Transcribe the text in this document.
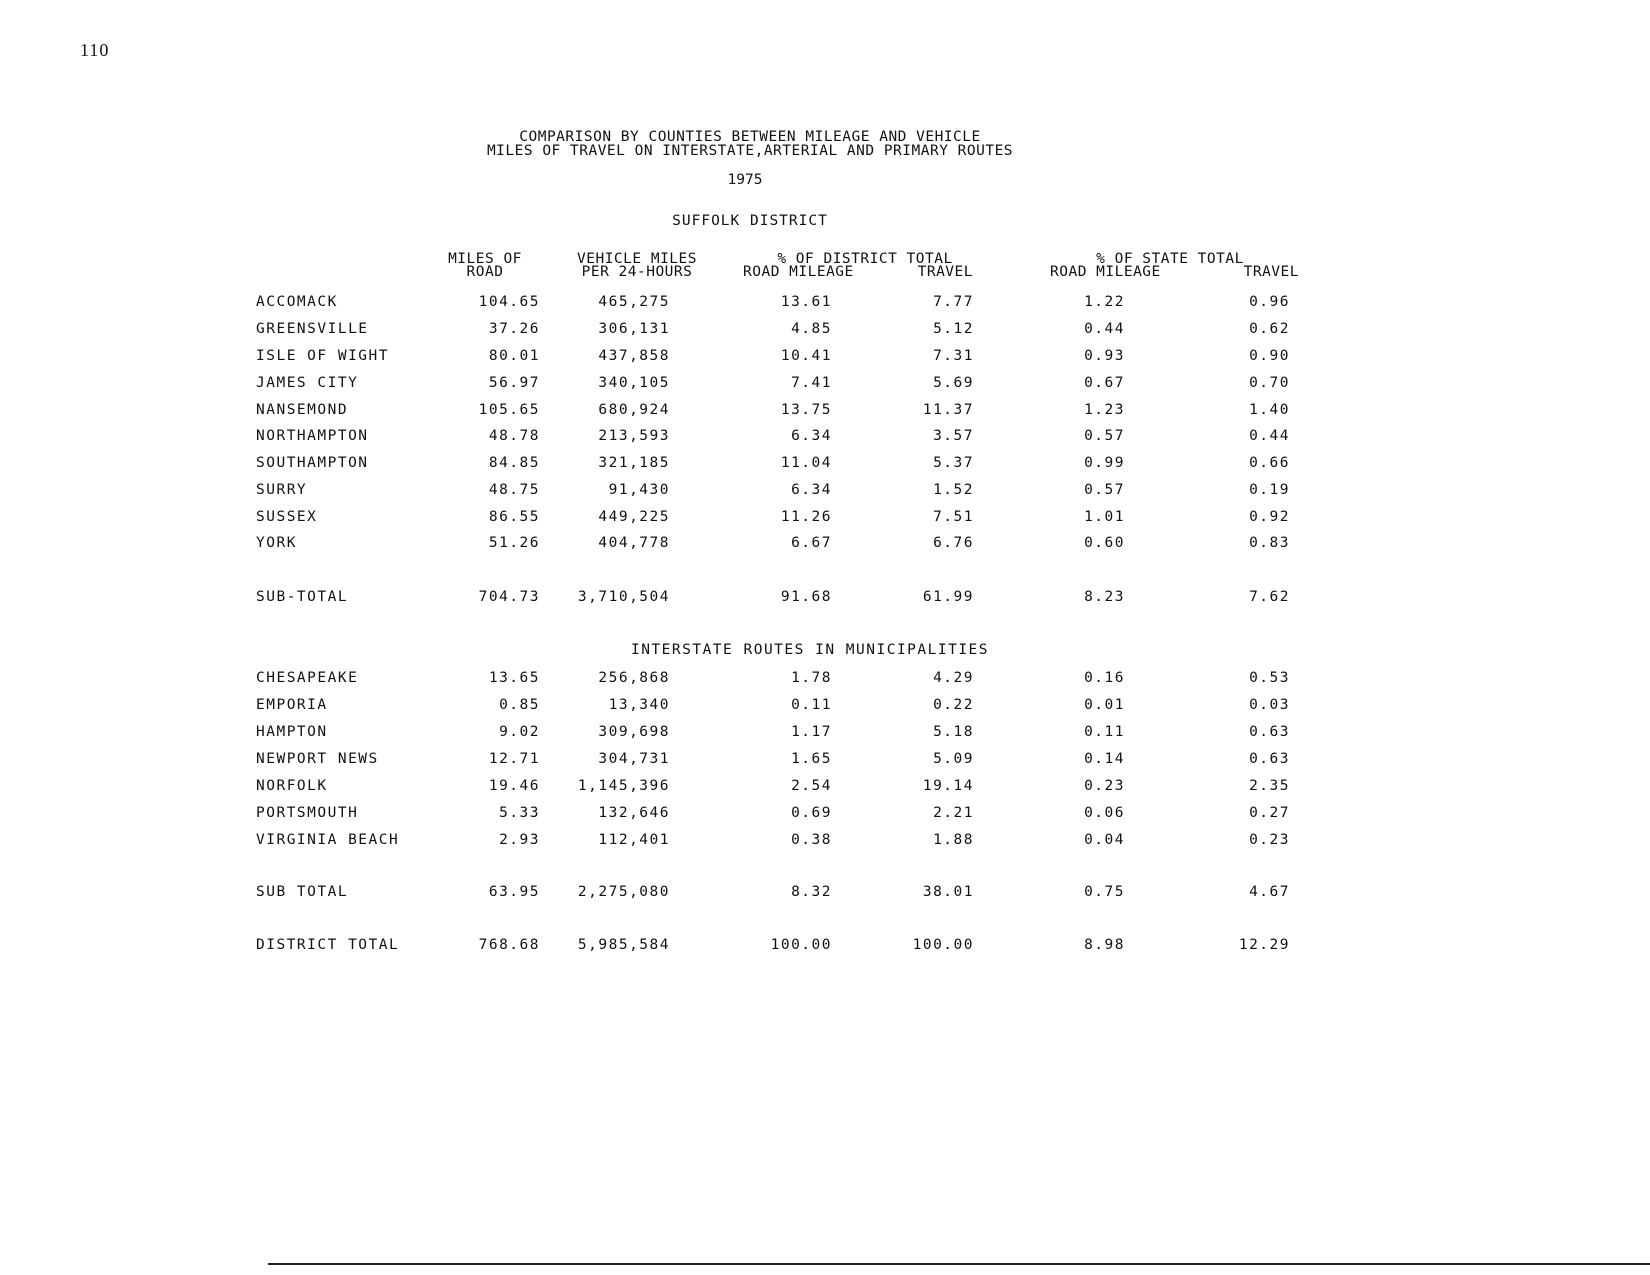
110
COMPARISON BY COUNTIES BETWEEN MILEAGE AND VEHICLE
MILES OF TRAVEL ON INTERSTATE,ARTERIAL AND PRIMARY ROUTES
1975
SUFFOLK DISTRICT
MILES OF
ROAD
VEHICLE MILES
PER 24-HOURS
% OF DISTRICT TOTAL
ROAD MILEAGE	TRAVEL
% OF STATE TOTAL
ROAD MILEAGE	TRAVEL
ACCOMACK	104.65	465,275	13.61	7.77	1.22	0.96
GREENSVILLE	37.26	306,131	4.85	5.12	0.44	0.62
ISLE OF WIGHT	80.01	437,858	10.41	7.31	0.93	0.90
JAMES CITY	56.97	340,105	7.41	5.69	0.67	0.70
NANSEMOND	105.65	680,924	13.75	11.37	1.23	1.40
NORTHAMPTON	48.78	213,593	6.34	3.57	0.57	0.44
SOUTHAMPTON	84.85	321,185	11.04	5.37	0.99	0.66
SURRY	48.75	91,430	6.34	1.52	0.57	0.19
SUSSEX	86.55	449,225	11.26	7.51	1.01	0.92
YORK	51.26	404,778	6.67	6.76	0.60	0.83
SUB-TOTAL	704.73	3,710,504	91.68	61.99	8.23	7.62
INTERSTATE ROUTES IN MUNICIPALITIES
CHESAPEAKE	13.65	256,868	1.78	4.29	0.16	0.53
EMPORIA	0.85	13,340	0.11	0.22	0.01	0.03
HAMPTON	9.02	309,698	1.17	5.18	0.11	0.63
NEWPORT NEWS	12.71	304,731	1.65	5.09	0.14	0.63
NORFOLK	19.46	1,145,396	2.54	19.14	0.23	2.35
PORTSMOUTH	5.33	132,646	0.69	2.21	0.06	0.27
VIRGINIA BEACH	2.93	112,401	0.38	1.88	0.04	0.23
SUB TOTAL	63.95	2,275,080	8.32	38.01	0.75	4.67
DISTRICT TOTAL	768.68	5,985,584	100.00	100.00	8.98	12.29
